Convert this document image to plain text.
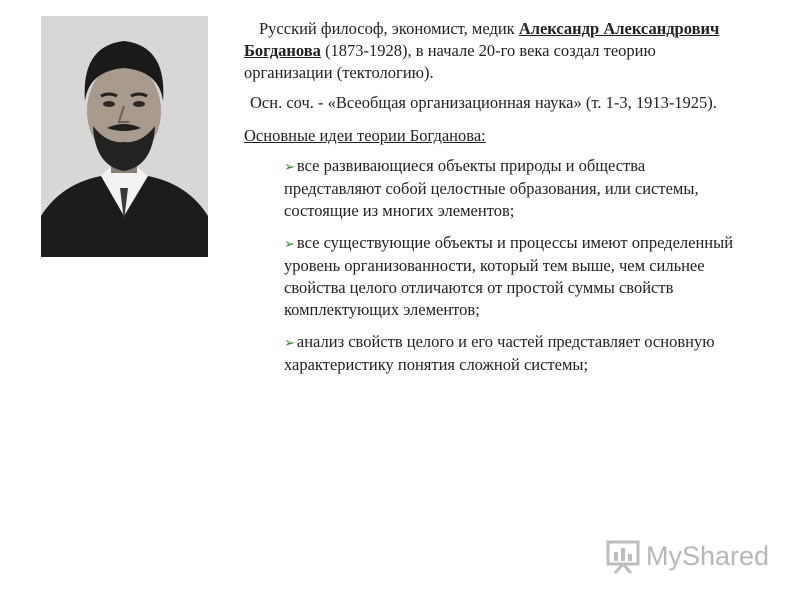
Русский философ, экономист, медик Александр Александрович Богданова (1873-1928), в начале 20-го века создал теорию организации (тектологию).

Осн. соч. - «Всеобщая организационная наука» (т. 1-3, 1913-1925).

Основные идеи теории Богданова:

➢ все развивающиеся объекты природы и общества представляют собой целостные образования, или системы, состоящие из многих элементов;
➢ все существующие объекты и процессы имеют определенный уровень организованности, который тем выше, чем сильнее свойства целого отличаются от простой суммы свойств комплектующих элементов;
➢ анализ свойств целого и его частей представляет основную характеристику понятия сложной системы;
MyShared
